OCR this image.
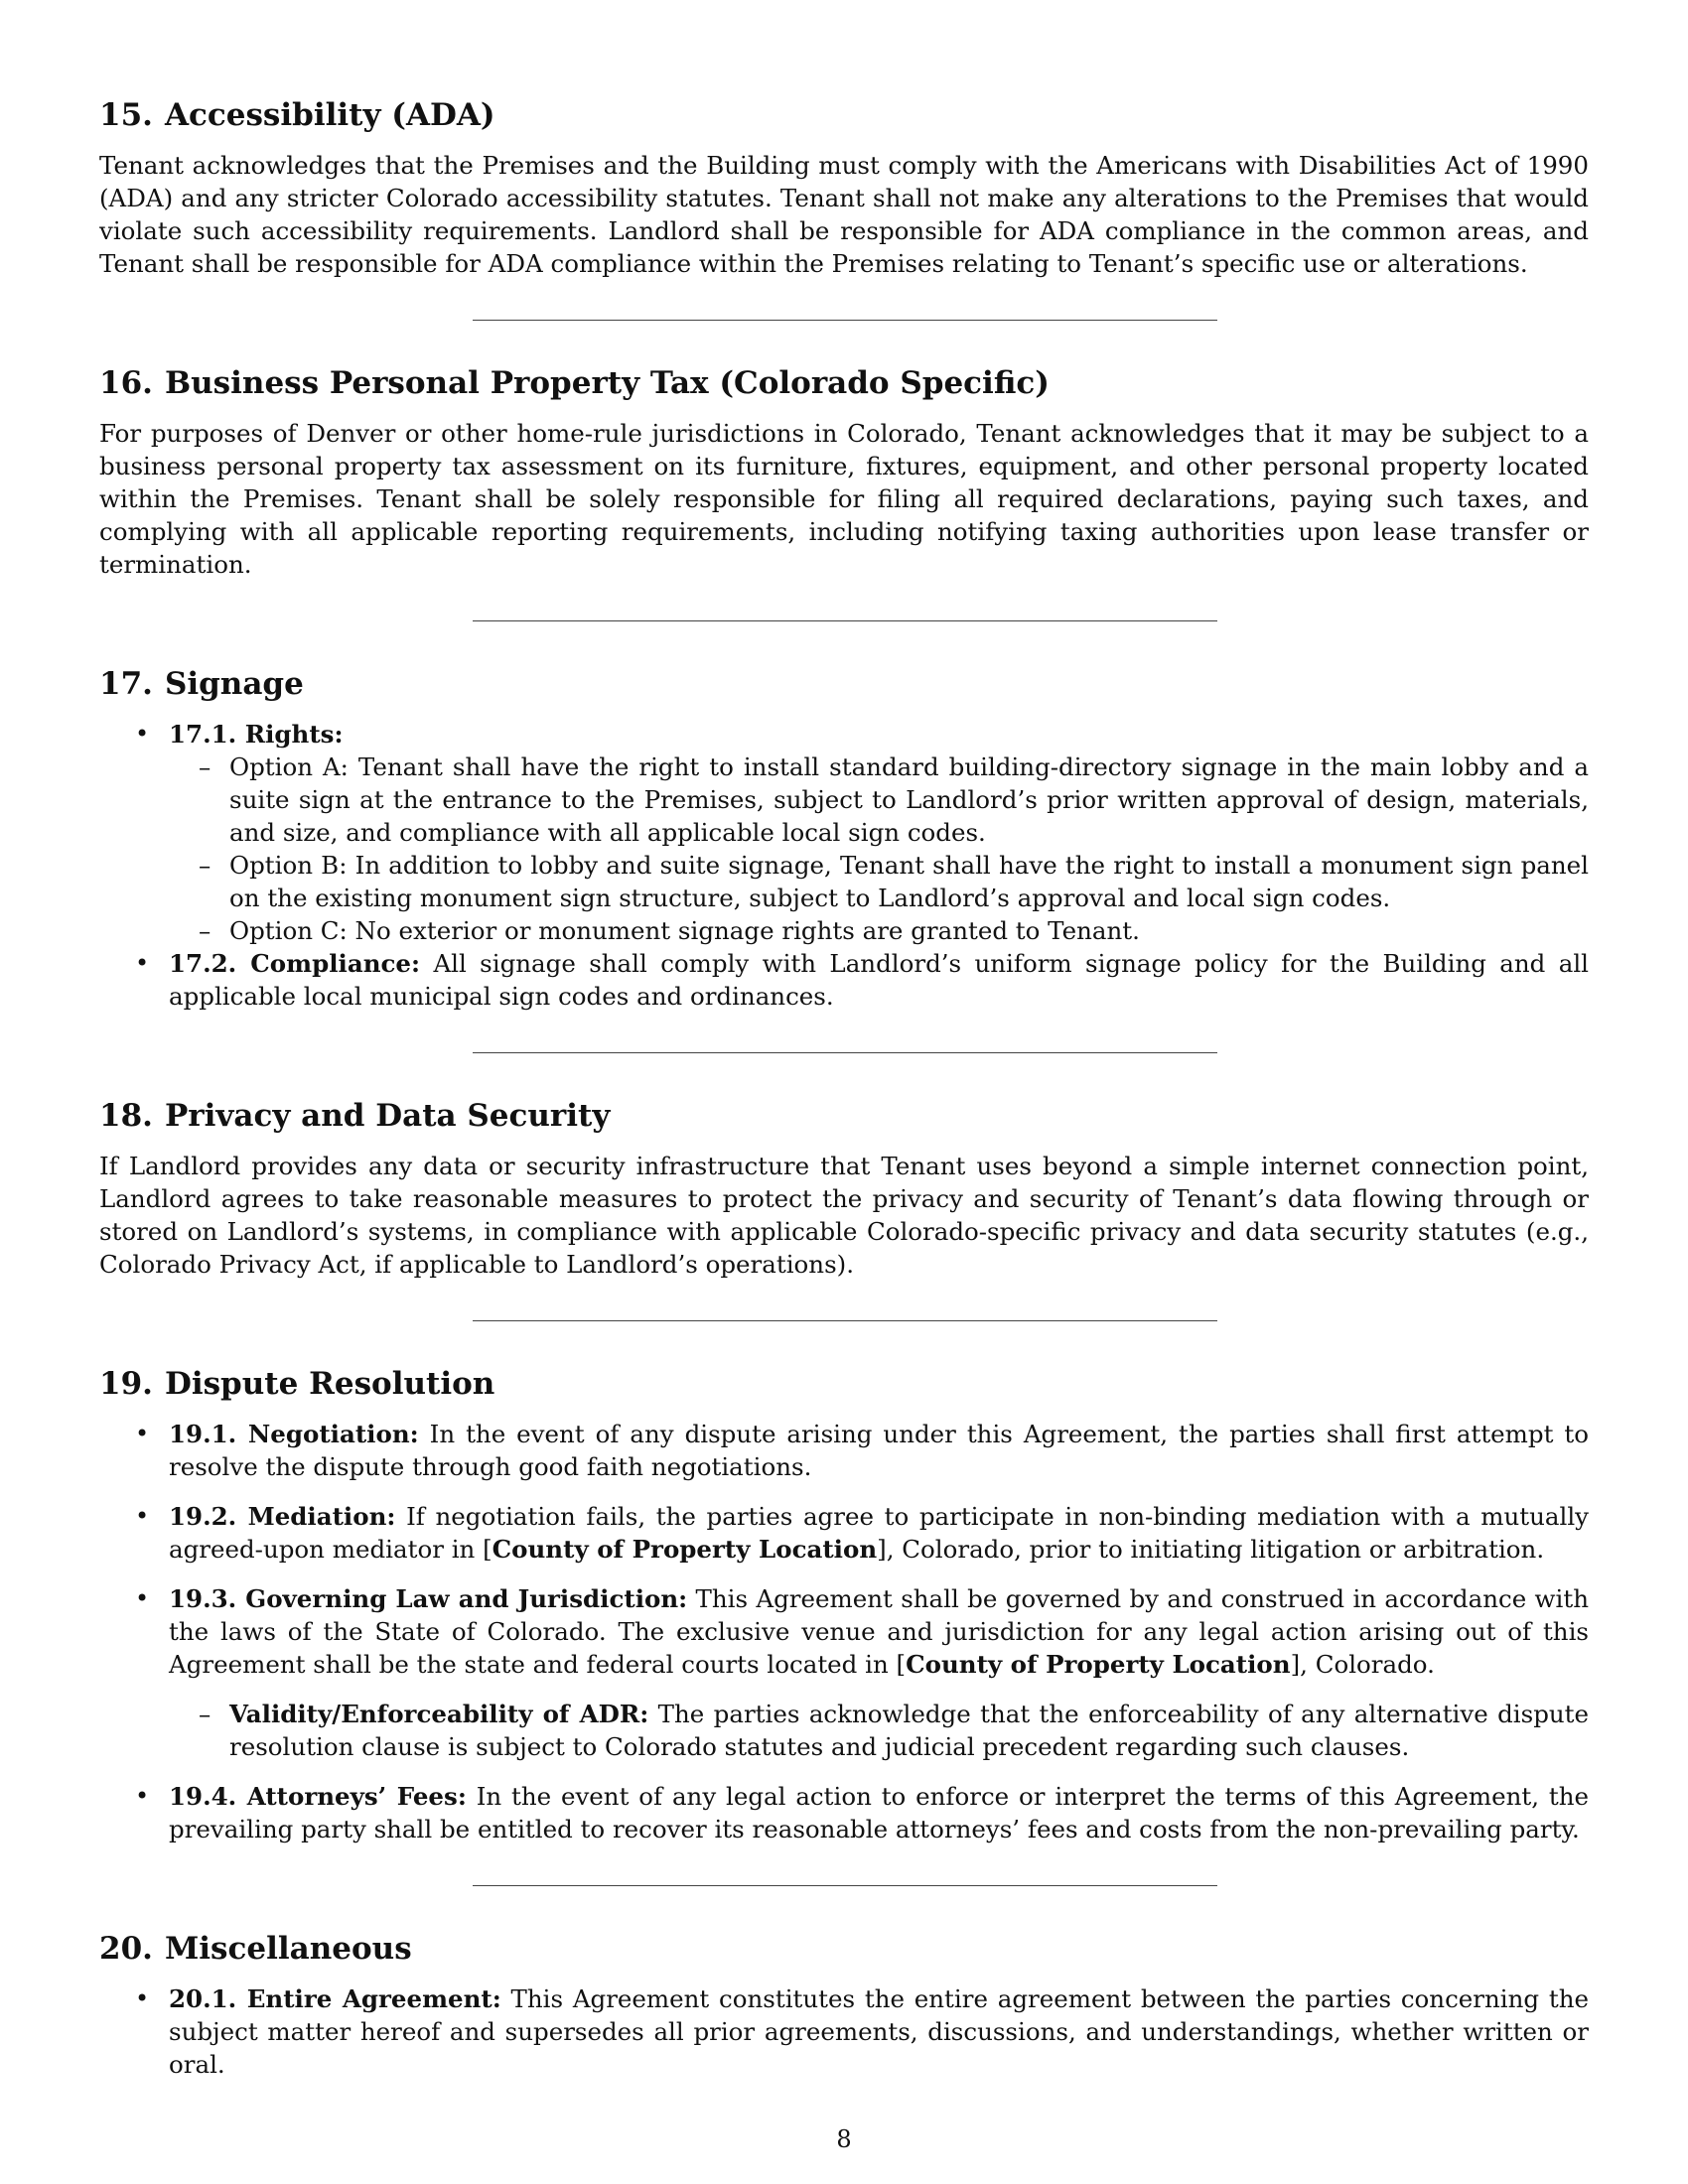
15. Accessibility (ADA)

Tenant acknowledges that the Premises and the Building must comply with the Americans with Disabilities Act of 1990 (ADA) and any stricter Colorado accessibility statutes. Tenant shall not make any alterations to the Premises that would violate such accessibility requirements. Landlord shall be responsible for ADA compliance in the common areas, and Tenant shall be responsible for ADA compliance within the Premises relating to Tenant’s specific use or alterations.

16. Business Personal Property Tax (Colorado Specific)

For purposes of Denver or other home-rule jurisdictions in Colorado, Tenant acknowledges that it may be subject to a business personal property tax assessment on its furniture, fixtures, equipment, and other personal property located within the Premises. Tenant shall be solely responsible for filing all required declarations, paying such taxes, and complying with all applicable reporting requirements, including notifying taxing authorities upon lease transfer or termination.

17. Signage
• 17.1. Rights:
– Option A: Tenant shall have the right to install standard building-directory signage in the main lobby and a suite sign at the entrance to the Premises, subject to Landlord’s prior written approval of design, materials, and size, and compliance with all applicable local sign codes.
– Option B: In addition to lobby and suite signage, Tenant shall have the right to install a monument sign panel on the existing monument sign structure, subject to Landlord’s approval and local sign codes.
– Option C: No exterior or monument signage rights are granted to Tenant.
• 17.2. Compliance: All signage shall comply with Landlord’s uniform signage policy for the Building and all applicable local municipal sign codes and ordinances.
18. Privacy and Data Security

If Landlord provides any data or security infrastructure that Tenant uses beyond a simple internet connection point, Landlord agrees to take reasonable measures to protect the privacy and security of Tenant’s data flowing through or stored on Landlord’s systems, in compliance with applicable Colorado-specific privacy and data security statutes (e.g., Colorado Privacy Act, if applicable to Landlord’s operations).

19. Dispute Resolution
• 19.1. Negotiation: In the event of any dispute arising under this Agreement, the parties shall first attempt to resolve the dispute through good faith negotiations.
• 19.2. Mediation: If negotiation fails, the parties agree to participate in non-binding mediation with a mutually agreed-upon mediator in [County of Property Location], Colorado, prior to initiating litigation or arbitration.
• 19.3. Governing Law and Jurisdiction: This Agreement shall be governed by and construed in accordance with the laws of the State of Colorado. The exclusive venue and jurisdiction for any legal action arising out of this Agreement shall be the state and federal courts located in [County of Property Location], Colorado.
– Validity/Enforceability of ADR: The parties acknowledge that the enforceability of any alternative dispute resolution clause is subject to Colorado statutes and judicial precedent regarding such clauses.
• 19.4. Attorneys’ Fees: In the event of any legal action to enforce or interpret the terms of this Agreement, the prevailing party shall be entitled to recover its reasonable attorneys’ fees and costs from the non-prevailing party.
20. Miscellaneous
• 20.1. Entire Agreement: This Agreement constitutes the entire agreement between the parties concerning the subject matter hereof and supersedes all prior agreements, discussions, and understandings, whether written or oral.
8
